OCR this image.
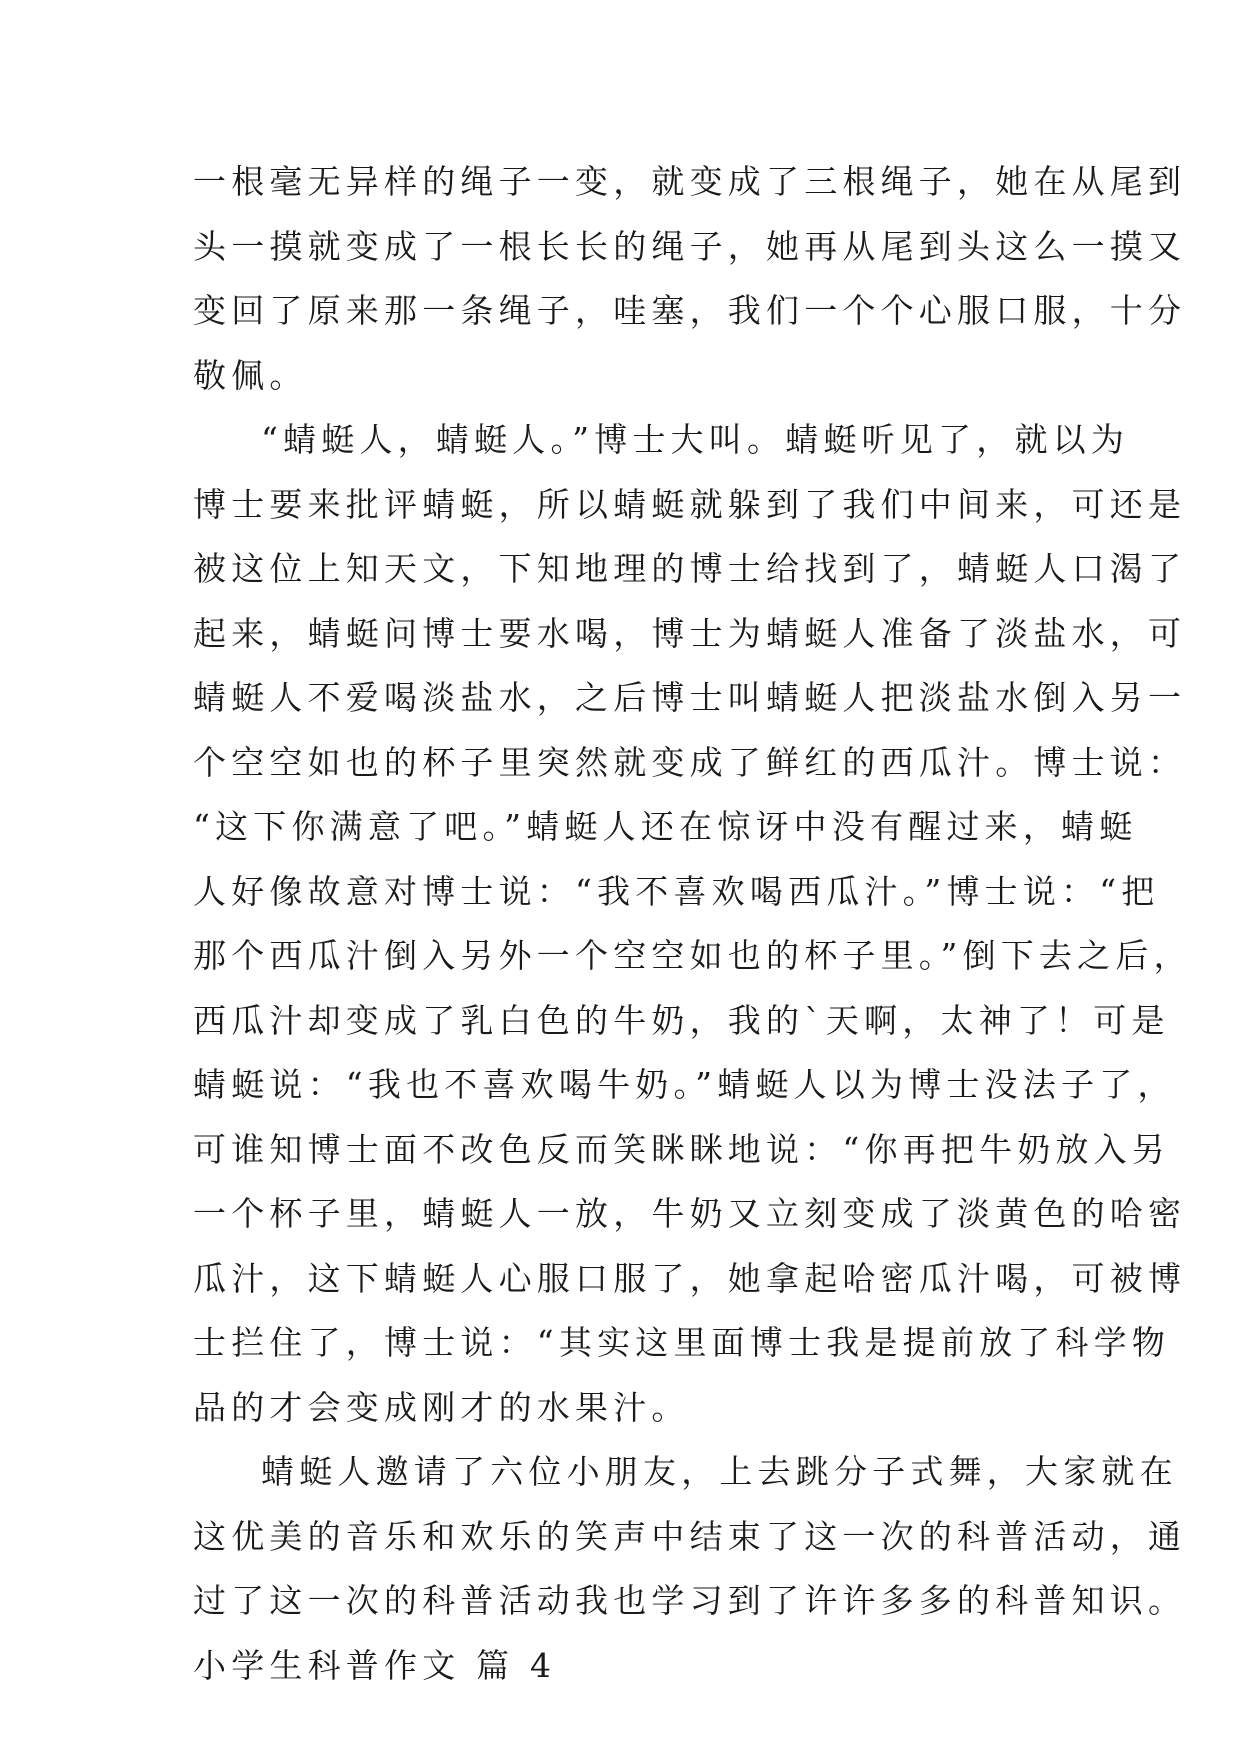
一根毫无异样的绳子一变，就变成了三根绳子，她在从尾到
头一摸就变成了一根长长的绳子，她再从尾到头这么一摸又
变回了原来那一条绳子，哇塞，我们一个个心服口服，十分
敬佩。
“蜻蜓人，蜻蜓人。”博士大叫。蜻蜓听见了，就以为
博士要来批评蜻蜓，所以蜻蜓就躲到了我们中间来，可还是
被这位上知天文，下知地理的博士给找到了，蜻蜓人口渴了
起来，蜻蜓问博士要水喝，博士为蜻蜓人准备了淡盐水，可
蜻蜓人不爱喝淡盐水，之后博士叫蜻蜓人把淡盐水倒入另一
个空空如也的杯子里突然就变成了鲜红的西瓜汁。博士说：
“这下你满意了吧。”蜻蜓人还在惊讶中没有醒过来，蜻蜓
人好像故意对博士说：“我不喜欢喝西瓜汁。”博士说：“把
那个西瓜汁倒入另外一个空空如也的杯子里。”倒下去之后，
西瓜汁却变成了乳白色的牛奶，我的`天啊，太神了！可是
蜻蜓说：“我也不喜欢喝牛奶。”蜻蜓人以为博士没法子了，
可谁知博士面不改色反而笑眯眯地说：“你再把牛奶放入另
一个杯子里，蜻蜓人一放，牛奶又立刻变成了淡黄色的哈密
瓜汁，这下蜻蜓人心服口服了，她拿起哈密瓜汁喝，可被博
士拦住了，博士说：“其实这里面博士我是提前放了科学物
品的才会变成刚才的水果汁。
蜻蜓人邀请了六位小朋友，上去跳分子式舞，大家就在
这优美的音乐和欢乐的笑声中结束了这一次的科普活动，通
过了这一次的科普活动我也学习到了许许多多的科普知识。
小学生科普作文 篇 4
